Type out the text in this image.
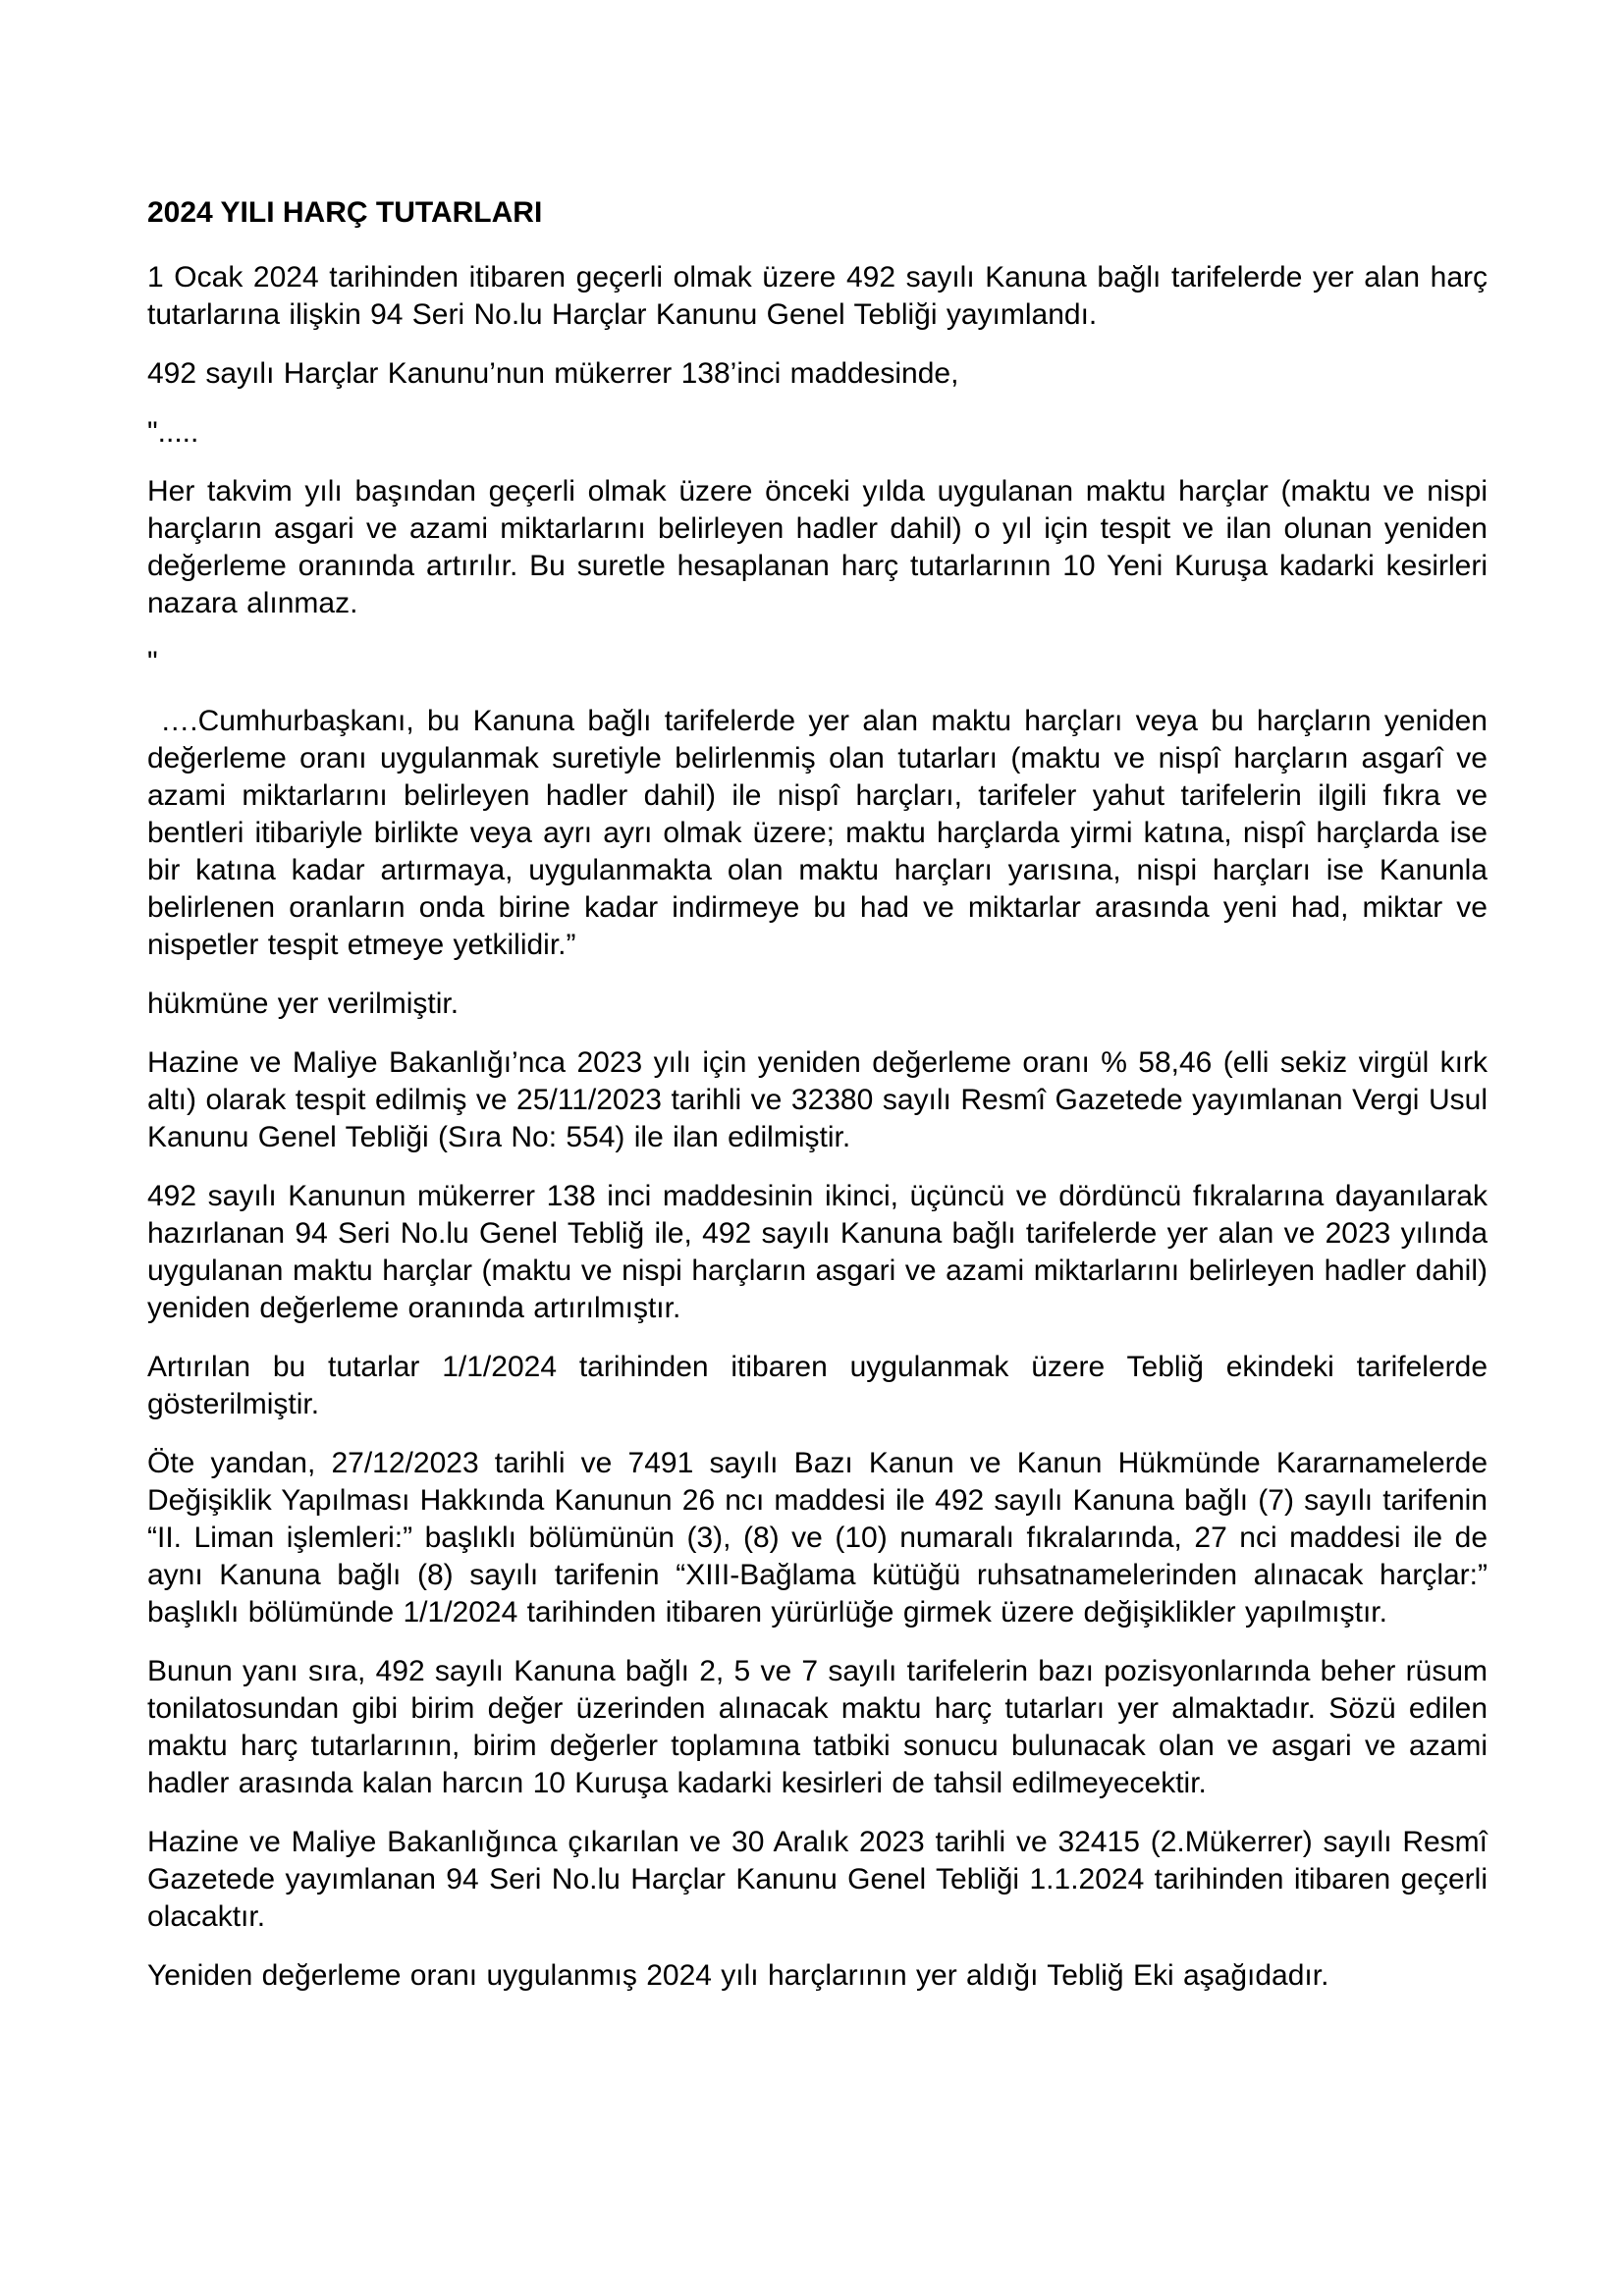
2024 YILI HARÇ TUTARLARI

1 Ocak 2024 tarihinden itibaren geçerli olmak üzere 492 sayılı Kanuna bağlı tarifelerde yer alan harç tutarlarına ilişkin 94 Seri No.lu Harçlar Kanunu Genel Tebliği yayımlandı.

492 sayılı Harçlar Kanunu’nun mükerrer 138’inci maddesinde,

".....

Her takvim yılı başından geçerli olmak üzere önceki yılda uygulanan maktu harçlar (maktu ve nispi harçların asgari ve azami miktarlarını belirleyen hadler dahil) o yıl için tespit ve ilan olunan yeniden değerleme oranında artırılır. Bu suretle hesaplanan harç tutarlarının 10 Yeni Kuruşa kadarki kesirleri nazara alınmaz.

"

….Cumhurbaşkanı, bu Kanuna bağlı tarifelerde yer alan maktu harçları veya bu harçların yeniden değerleme oranı uygulanmak suretiyle belirlenmiş olan tutarları (maktu ve nispî harçların asgarî ve azami miktarlarını belirleyen hadler dahil) ile nispî harçları, tarifeler yahut tarifelerin ilgili fıkra ve bentleri itibariyle birlikte veya ayrı ayrı olmak üzere; maktu harçlarda yirmi katına, nispî harçlarda ise bir katına kadar artırmaya, uygulanmakta olan maktu harçları yarısına, nispi harçları ise Kanunla belirlenen oranların onda birine kadar indirmeye bu had ve miktarlar arasında yeni had, miktar ve nispetler tespit etmeye yetkilidir.”

hükmüne yer verilmiştir.

Hazine ve Maliye Bakanlığı’nca 2023 yılı için yeniden değerleme oranı % 58,46 (elli sekiz virgül kırk altı) olarak tespit edilmiş ve 25/11/2023 tarihli ve 32380 sayılı Resmî Gazetede yayımlanan Vergi Usul Kanunu Genel Tebliği (Sıra No: 554) ile ilan edilmiştir.

492 sayılı Kanunun mükerrer 138 inci maddesinin ikinci, üçüncü ve dördüncü fıkralarına dayanılarak hazırlanan 94 Seri No.lu Genel Tebliğ ile, 492 sayılı Kanuna bağlı tarifelerde yer alan ve 2023 yılında uygulanan maktu harçlar (maktu ve nispi harçların asgari ve azami miktarlarını belirleyen hadler dahil) yeniden değerleme oranında artırılmıştır.

Artırılan bu tutarlar 1/1/2024 tarihinden itibaren uygulanmak üzere Tebliğ ekindeki tarifelerde gösterilmiştir.

Öte yandan, 27/12/2023 tarihli ve 7491 sayılı Bazı Kanun ve Kanun Hükmünde Kararnamelerde Değişiklik Yapılması Hakkında Kanunun 26 ncı maddesi ile 492 sayılı Kanuna bağlı (7) sayılı tarifenin “II. Liman işlemleri:” başlıklı bölümünün (3), (8) ve (10) numaralı fıkralarında, 27 nci maddesi ile de aynı Kanuna bağlı (8) sayılı tarifenin “XIII-Bağlama kütüğü ruhsatnamelerinden alınacak harçlar:” başlıklı bölümünde 1/1/2024 tarihinden itibaren yürürlüğe girmek üzere değişiklikler yapılmıştır.

Bunun yanı sıra, 492 sayılı Kanuna bağlı 2, 5 ve 7 sayılı tarifelerin bazı pozisyonlarında beher rüsum tonilatosundan gibi birim değer üzerinden alınacak maktu harç tutarları yer almaktadır. Sözü edilen maktu harç tutarlarının, birim değerler toplamına tatbiki sonucu bulunacak olan ve asgari ve azami hadler arasında kalan harcın 10 Kuruşa kadarki kesirleri de tahsil edilmeyecektir.

Hazine ve Maliye Bakanlığınca çıkarılan ve 30 Aralık 2023 tarihli ve 32415 (2.Mükerrer) sayılı Resmî Gazetede yayımlanan 94 Seri No.lu Harçlar Kanunu Genel Tebliği 1.1.2024 tarihinden itibaren geçerli olacaktır.

Yeniden değerleme oranı uygulanmış 2024 yılı harçlarının yer aldığı Tebliğ Eki aşağıdadır.
